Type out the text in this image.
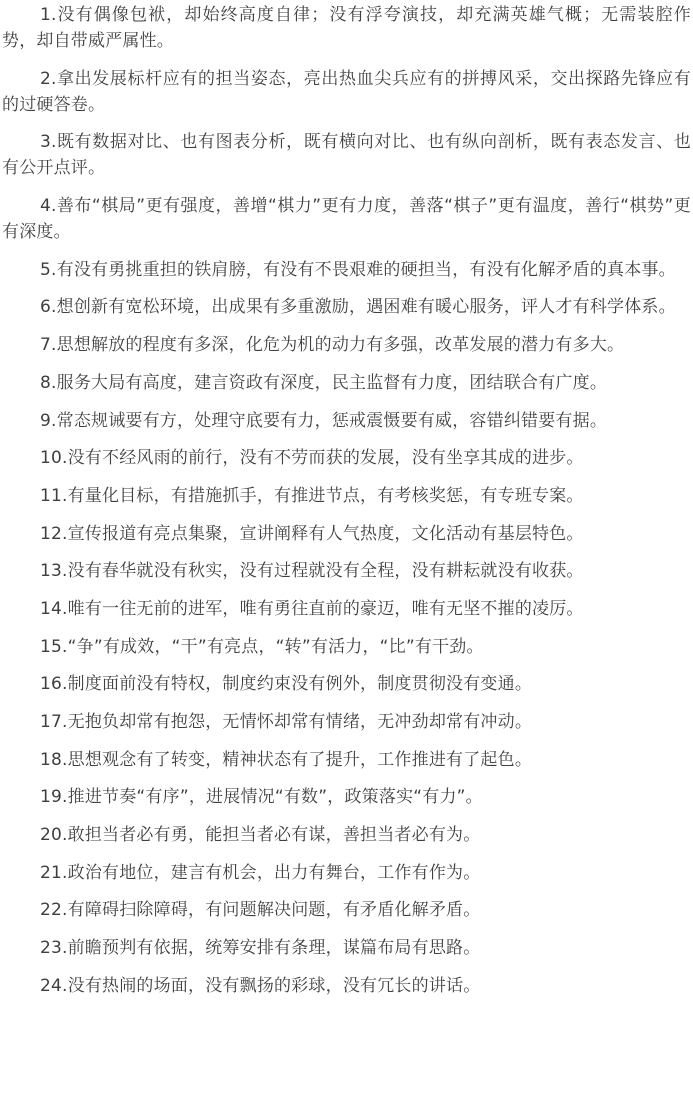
1.没有偶像包袱，却始终高度自律；没有浮夸演技，却充满英雄气概；无需装腔作势，却自带威严属性。

2.拿出发展标杆应有的担当姿态，亮出热血尖兵应有的拼搏风采，交出探路先锋应有的过硬答卷。

3.既有数据对比、也有图表分析，既有横向对比、也有纵向剖析，既有表态发言、也有公开点评。

4.善布“棋局”更有强度，善增“棋力”更有力度，善落“棋子”更有温度，善行“棋势”更有深度。

5.有没有勇挑重担的铁肩膀，有没有不畏艰难的硬担当，有没有化解矛盾的真本事。

6.想创新有宽松环境，出成果有多重激励，遇困难有暖心服务，评人才有科学体系。

7.思想解放的程度有多深，化危为机的动力有多强，改革发展的潜力有多大。

8.服务大局有高度，建言资政有深度，民主监督有力度，团结联合有广度。

9.常态规诫要有方，处理守底要有力，惩戒震慑要有威，容错纠错要有据。

10.没有不经风雨的前行，没有不劳而获的发展，没有坐享其成的进步。

11.有量化目标，有措施抓手，有推进节点，有考核奖惩，有专班专案。

12.宣传报道有亮点集聚，宣讲阐释有人气热度，文化活动有基层特色。

13.没有春华就没有秋实，没有过程就没有全程，没有耕耘就没有收获。

14.唯有一往无前的进军，唯有勇往直前的豪迈，唯有无坚不摧的凌厉。

15.“争”有成效，“干”有亮点，“转”有活力，“比”有干劲。

16.制度面前没有特权，制度约束没有例外，制度贯彻没有变通。

17.无抱负却常有抱怨，无情怀却常有情绪，无冲劲却常有冲动。

18.思想观念有了转变，精神状态有了提升，工作推进有了起色。

19.推进节奏“有序”，进展情况“有数”，政策落实“有力”。

20.敢担当者必有勇，能担当者必有谋，善担当者必有为。

21.政治有地位，建言有机会，出力有舞台，工作有作为。

22.有障碍扫除障碍，有问题解决问题，有矛盾化解矛盾。

23.前瞻预判有依据，统筹安排有条理，谋篇布局有思路。

24.没有热闹的场面，没有飘扬的彩球，没有冗长的讲话。
